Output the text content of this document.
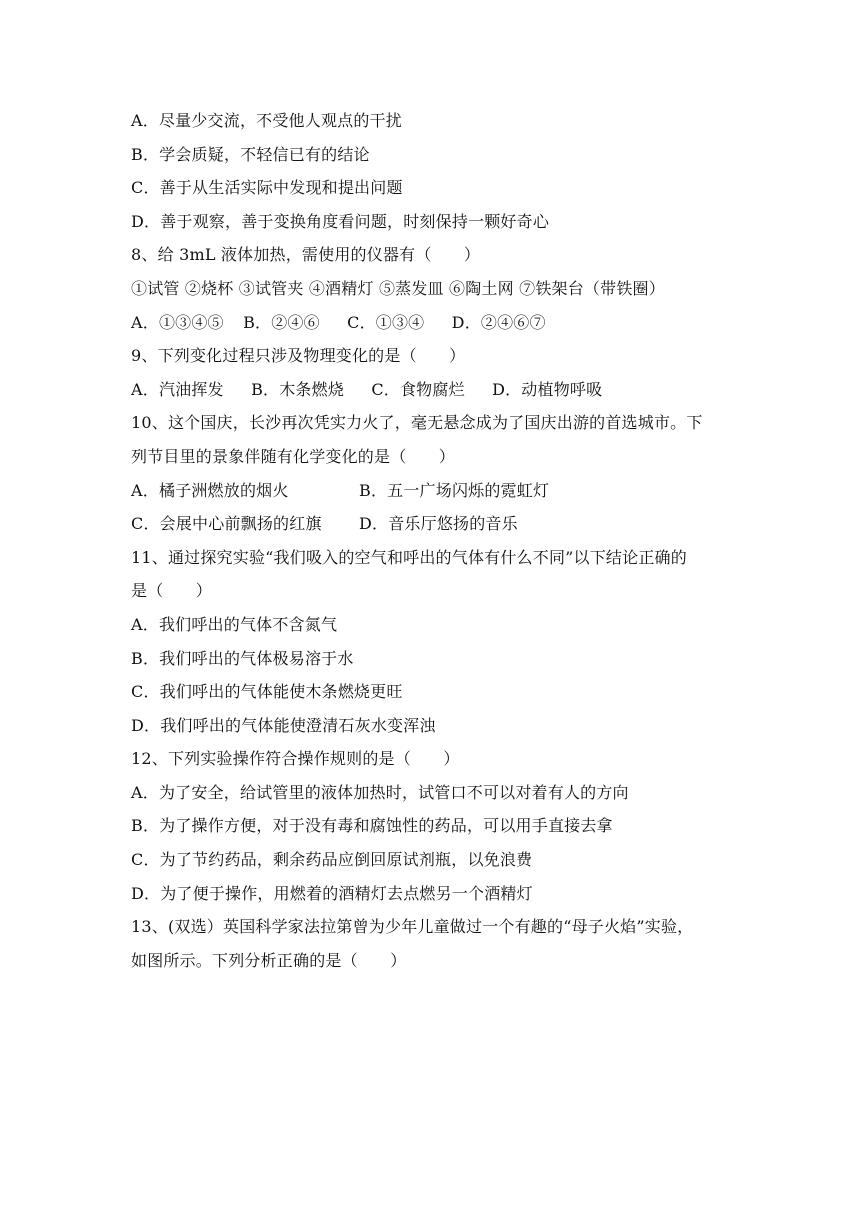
A．尽量少交流，不受他人观点的干扰
B．学会质疑，不轻信已有的结论
C．善于从生活实际中发现和提出问题
D．善于观察，善于变换角度看问题，时刻保持一颗好奇心
8、给 3mL 液体加热，需使用的仪器有（　　）
①试管 ②烧杯 ③试管夹 ④酒精灯 ⑤蒸发皿 ⑥陶土网 ⑦铁架台（带铁圈）
A．①③④⑤ B．②④⑥ C．①③④ D．②④⑥⑦
9、下列变化过程只涉及物理变化的是（　　）
A．汽油挥发 B．木条燃烧 C．食物腐烂 D．动植物呼吸
10、这个国庆，长沙再次凭实力火了，毫无悬念成为了国庆出游的首选城市。下
列节目里的景象伴随有化学变化的是（　　）
A．橘子洲燃放的烟火	B．五一广场闪烁的霓虹灯
C．会展中心前飘扬的红旗 D．音乐厅悠扬的音乐
11、通过探究实验“我们吸入的空气和呼出的气体有什么不同”以下结论正确的
是（　　）
A．我们呼出的气体不含氮气
B．我们呼出的气体极易溶于水
C．我们呼出的气体能使木条燃烧更旺
D．我们呼出的气体能使澄清石灰水变浑浊
12、下列实验操作符合操作规则的是（　　）
A．为了安全，给试管里的液体加热时，试管口不可以对着有人的方向
B．为了操作方便，对于没有毒和腐蚀性的药品，可以用手直接去拿
C．为了节约药品，剩余药品应倒回原试剂瓶，以免浪费
D．为了便于操作，用燃着的酒精灯去点燃另一个酒精灯
13、(双选）英国科学家法拉第曾为少年儿童做过一个有趣的“母子火焰”实验，
如图所示。下列分析正确的是（　　）
